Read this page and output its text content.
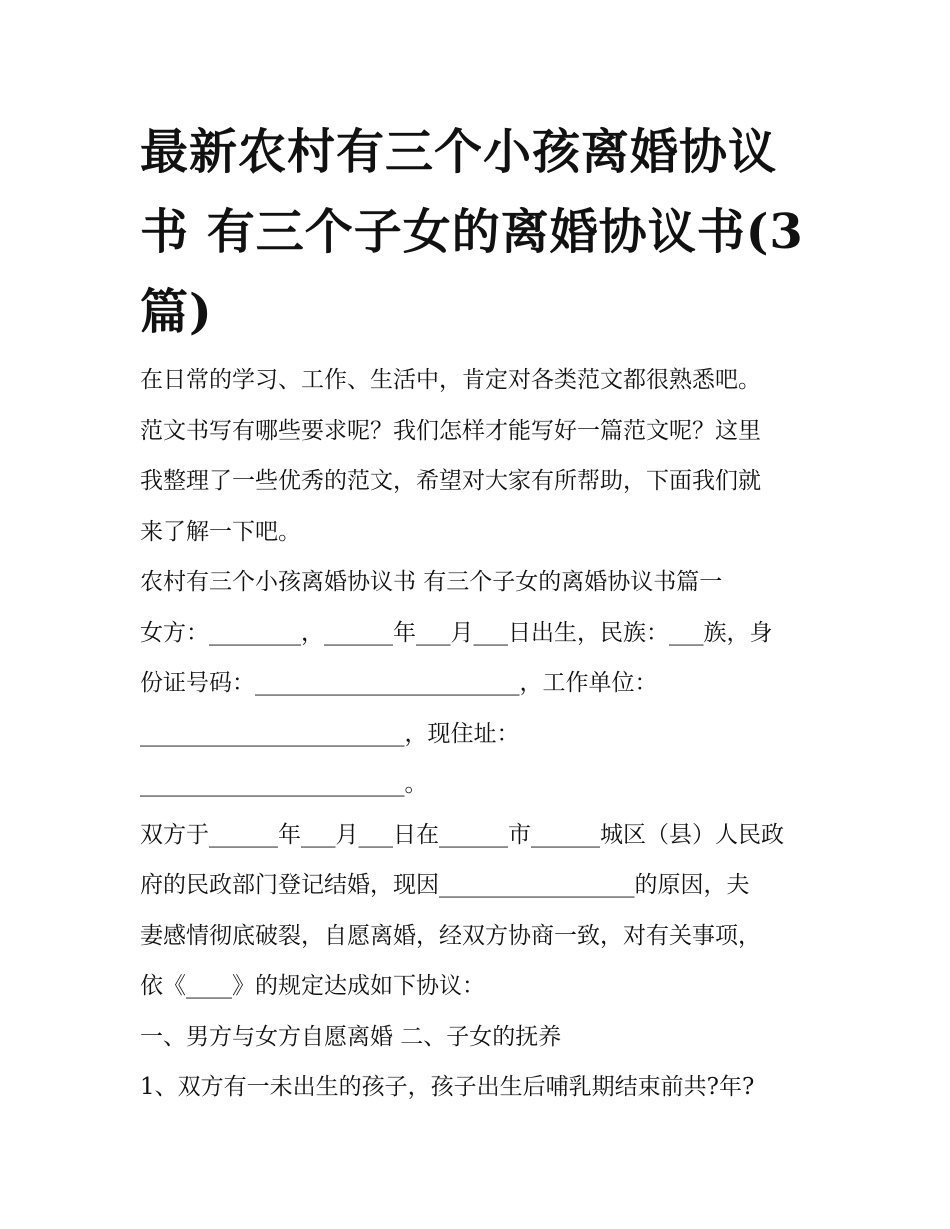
最新农村有三个小孩离婚协议书 有三个子女的离婚协议书(3篇)

在日常的学习、工作、生活中，肯定对各类范文都很熟悉吧。

范文书写有哪些要求呢？我们怎样才能写好一篇范文呢？这里

我整理了一些优秀的范文，希望对大家有所帮助，下面我们就

来了解一下吧。

农村有三个小孩离婚协议书 有三个子女的离婚协议书篇一

女方：________，______年___月___日出生，民族：___族，身

份证号码：_______________________，工作单位：

_______________________，现住址：

_______________________。

双方于______年___月___日在______市______城区（县）人民政

府的民政部门登记结婚，现因_________________的原因，夫

妻感情彻底破裂，自愿离婚，经双方协商一致，对有关事项，

依《____》的规定达成如下协议：

一、男方与女方自愿离婚 二、子女的抚养

1、双方有一未出生的孩子，孩子出生后哺乳期结束前共?年?
